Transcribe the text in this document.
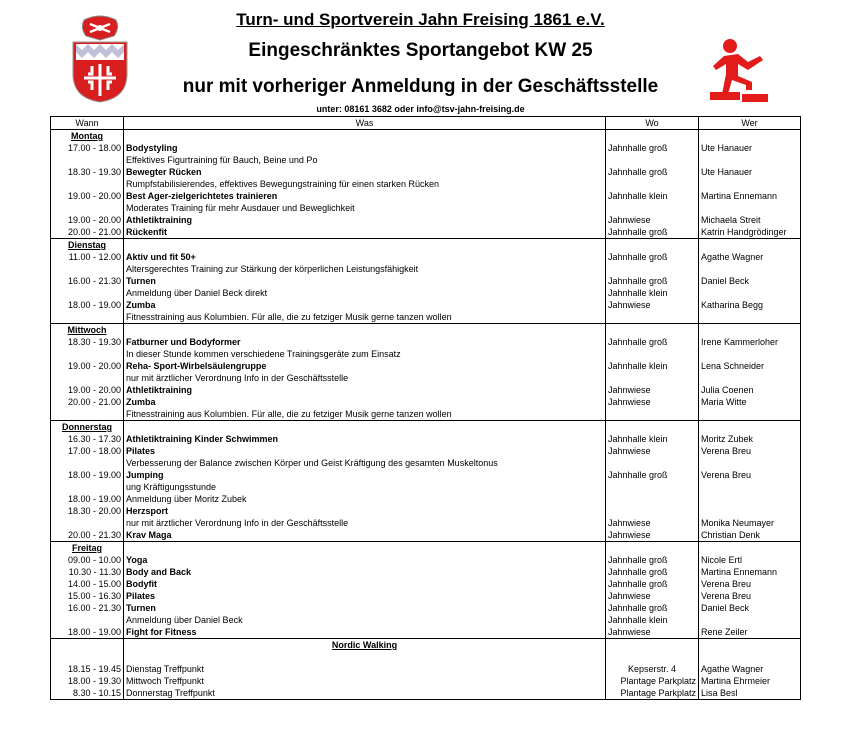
Turn- und Sportverein Jahn Freising 1861 e.V.
Eingeschränktes Sportangebot KW 25
nur mit vorheriger Anmeldung in der Geschäftsstelle
unter: 08161 3682 oder info@tsv-jahn-freising.de
Wann	Was	Wo	Wer
Montag			
17.00 - 18.00	Bodystyling	Jahnhalle groß	Ute Hanauer
	Effektives Figurtraining für Bauch, Beine und Po		
18.30 - 19.30	Bewegter Rücken	Jahnhalle groß	Ute Hanauer
	Rumpfstabilisierendes, effektives Bewegungstraining für einen starken Rücken		
19.00 - 20.00	Best Ager-zielgerichtetes trainieren	Jahnhalle klein	Martina Ennemann
	Moderates Training für mehr Ausdauer und Beweglichkeit		
19.00 - 20.00	Athletiktraining	Jahnwiese	Michaela Streit
20.00 - 21.00	Rückenfit	Jahnhalle groß	Katrin Handgrödinger
Dienstag			
11.00 - 12.00	Aktiv und fit 50+	Jahnhalle groß	Agathe Wagner
	Altersgerechtes Training zur Stärkung der körperlichen Leistungsfähigkeit		
16.00 - 21.30	Turnen	Jahnhalle groß	Daniel Beck
	Anmeldung über Daniel Beck direkt	Jahnhalle klein	
18.00 - 19.00	Zumba	Jahnwiese	Katharina Begg
	Fitnesstraining aus Kolumbien. Für alle, die zu fetziger Musik gerne tanzen wollen		
Mittwoch			
18.30 - 19.30	Fatburner und Bodyformer	Jahnhalle groß	Irene Kammerloher
	In dieser Stunde kommen verschiedene Trainingsgeräte zum Einsatz		
19.00 - 20.00	Reha- Sport-Wirbelsäulengruppe	Jahnhalle klein	Lena Schneider
	nur mit ärztlicher Verordnung Info in der Geschäftsstelle		
19.00 - 20.00	Athletiktraining	Jahnwiese	Julia Coenen
20.00 - 21.00	Zumba	Jahnwiese	Maria Witte
	Fitnesstraining aus Kolumbien. Für alle, die zu fetziger Musik gerne tanzen wollen		
Donnerstag			
16.30 - 17.30	Athletiktraining Kinder Schwimmen	Jahnhalle klein	Moritz Zubek
17.00 - 18.00	Pilates	Jahnwiese	Verena Breu
	Verbesserung der Balance zwischen Körper und Geist Kräftigung des gesamten Muskeltonus		
18.00 - 19.00	Jumping	Jahnhalle groß	Verena Breu
	ung Kräftigungsstunde		
18.00 - 19.00	Anmeldung über Moritz Zubek		
18.30 - 20.00	Herzsport		
	nur mit ärztlicher Verordnung Info in der Geschäftsstelle	Jahnwiese	Monika Neumayer
20.00 - 21.30	Krav Maga	Jahnwiese	Christian Denk
Freitag			
09.00 - 10.00	Yoga	Jahnhalle groß	Nicole Ertl
10.30 - 11.30	Body and Back	Jahnhalle groß	Martina Ennemann
14.00 - 15.00	Bodyfit	Jahnhalle groß	Verena Breu
15.00 - 16.30	Pilates	Jahnwiese	Verena Breu
16.00 - 21.30	Turnen	Jahnhalle groß	Daniel Beck
	Anmeldung über Daniel Beck	Jahnhalle klein	
18.00 - 19.00	Fight for Fitness	Jahnwiese	Rene Zeiler
	Nordic Walking		

18.15 - 19.45	Dienstag Treffpunkt	Kepserstr. 4	Agathe Wagner
18.00 - 19.30	Mittwoch Treffpunkt	Plantage Parkplatz	Martina Ehrmeier
8.30 - 10.15	Donnerstag Treffpunkt	Plantage Parkplatz	Lisa Besl
